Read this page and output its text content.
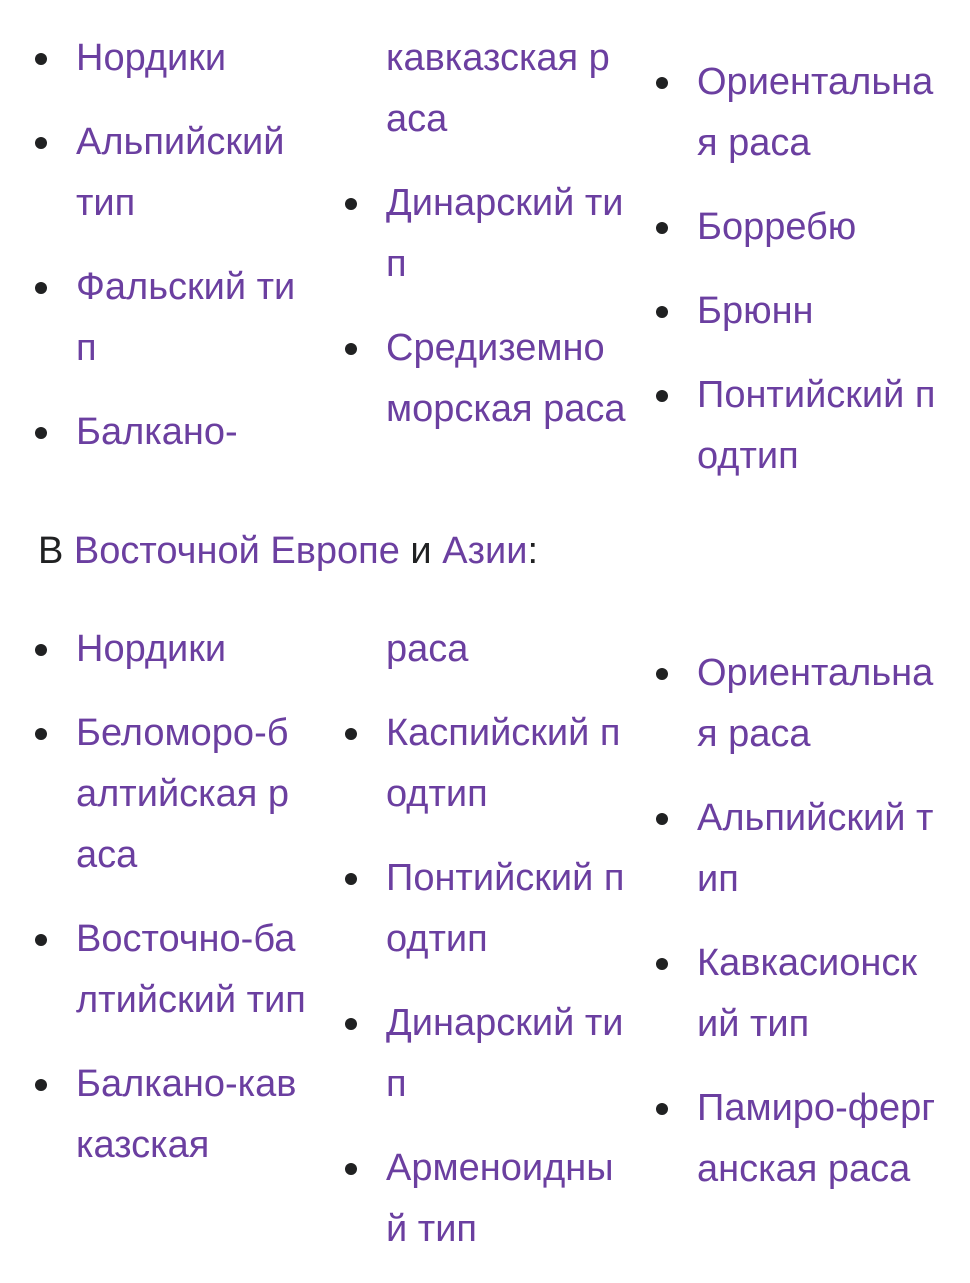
Нордики
Альпийский тип
Фальский тип
Балкано-
кавказская раса
Динарский тип
Средиземно морская раса
Ориентальна я раса
Борребю
Брюнн
Понтийский подтип

В Восточной Европе и Азии:

Нордики
Беломоро-балтийская раса
Восточно-балтийский тип
Балкано-кавказская
раса
Каспийский подтип
Понтийский подтип
Динарский тип
Арменоидны й тип
Ориентальна я раса
Альпийский тип
Кавкасионск ий тип
Памиро-ферганская раса
